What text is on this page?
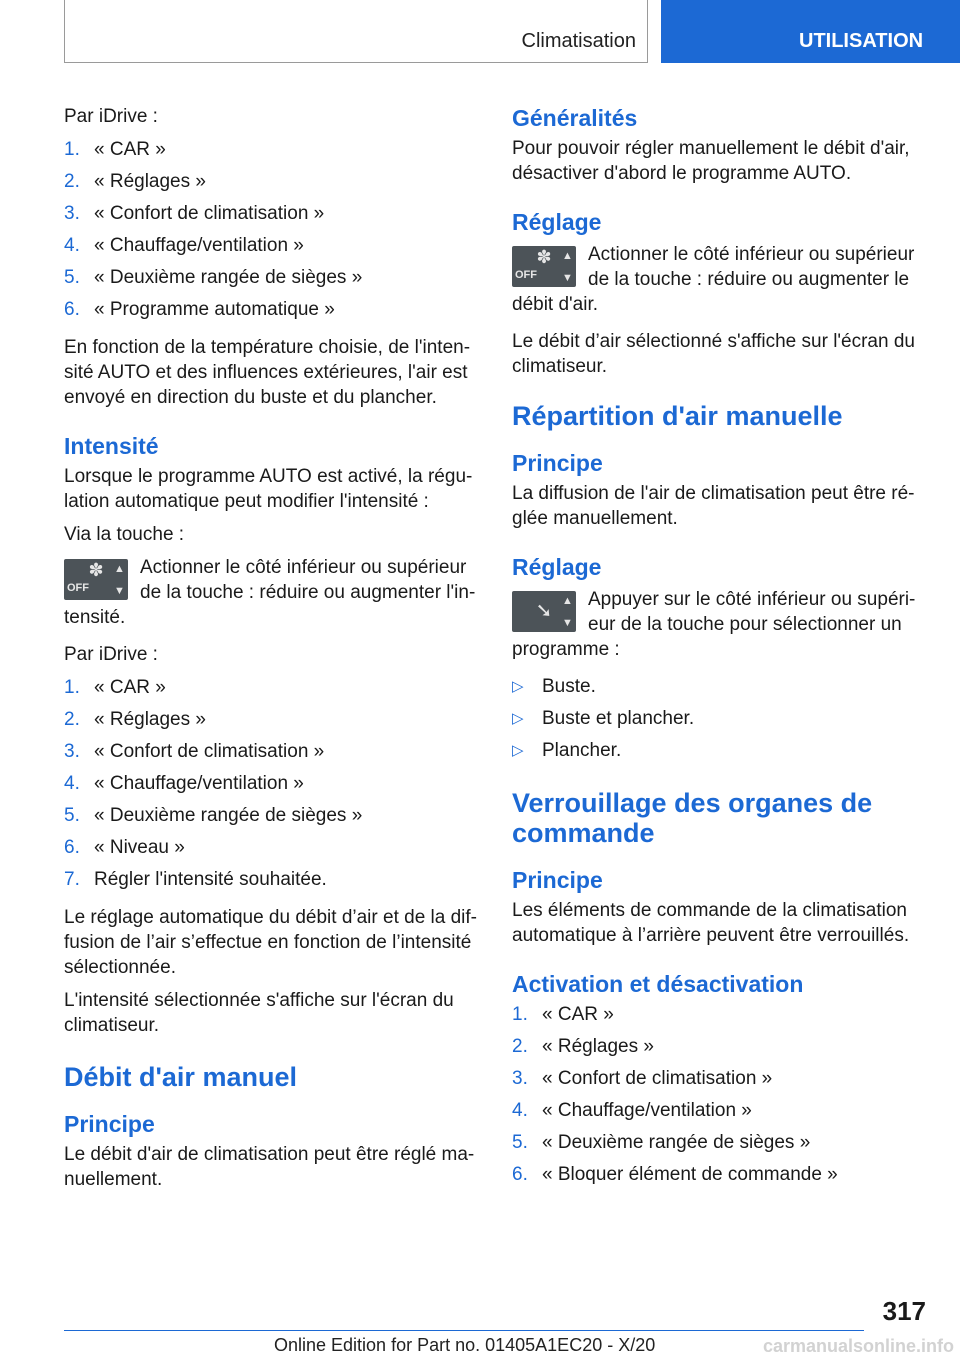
Climatisation	UTILISATION

Par iDrive :

1. « CAR »
2. « Réglages »
3. « Confort de climatisation »
4. « Chauffage/ventilation »
5. « Deuxième rangée de sièges »
6. « Programme automatique »

En fonction de la température choisie, de l'inten-sité AUTO et des influences extérieures, l'air est envoyé en direction du buste et du plancher.

Intensité

Lorsque le programme AUTO est activé, la régu-lation automatique peut modifier l'intensité :

Via la touche :

✽
OFF
▲
▼
Actionner le côté inférieur ou supérieur de la touche : réduire ou augmenter l'in-tensité.

Par iDrive :

1. « CAR »
2. « Réglages »
3. « Confort de climatisation »
4. « Chauffage/ventilation »
5. « Deuxième rangée de sièges »
6. « Niveau »
7. Régler l'intensité souhaitée.

Le réglage automatique du débit d’air et de la dif-fusion de l’air s’effectue en fonction de l’intensité sélectionnée.

L'intensité sélectionnée s'affiche sur l'écran du climatiseur.

Débit d'air manuel
Principe

Le débit d'air de climatisation peut être réglé ma-nuellement.

Généralités

Pour pouvoir régler manuellement le débit d'air, désactiver d'abord le programme AUTO.

Réglage
✽
OFF
▲
▼
Actionner le côté inférieur ou supérieur de la touche : réduire ou augmenter le débit d'air.

Le débit d’air sélectionné s'affiche sur l'écran du climatiseur.

Répartition d'air manuelle
Principe

La diffusion de l'air de climatisation peut être ré-glée manuellement.

Réglage
➘ ▲
▼
Appuyer sur le côté inférieur ou supéri-eur de la touche pour sélectionner un programme :
▷ Buste.
▷ Buste et plancher.
▷ Plancher.
Verrouillage des organes de commande
Principe

Les éléments de commande de la climatisation automatique à l’arrière peuvent être verrouillés.

Activation et désactivation
1. « CAR »
2. « Réglages »
3. « Confort de climatisation »
4. « Chauffage/ventilation »
5. « Deuxième rangée de sièges »
6. « Bloquer élément de commande »
317
Online Edition for Part no. 01405A1EC20 - X/20	carmanualsonline.info
